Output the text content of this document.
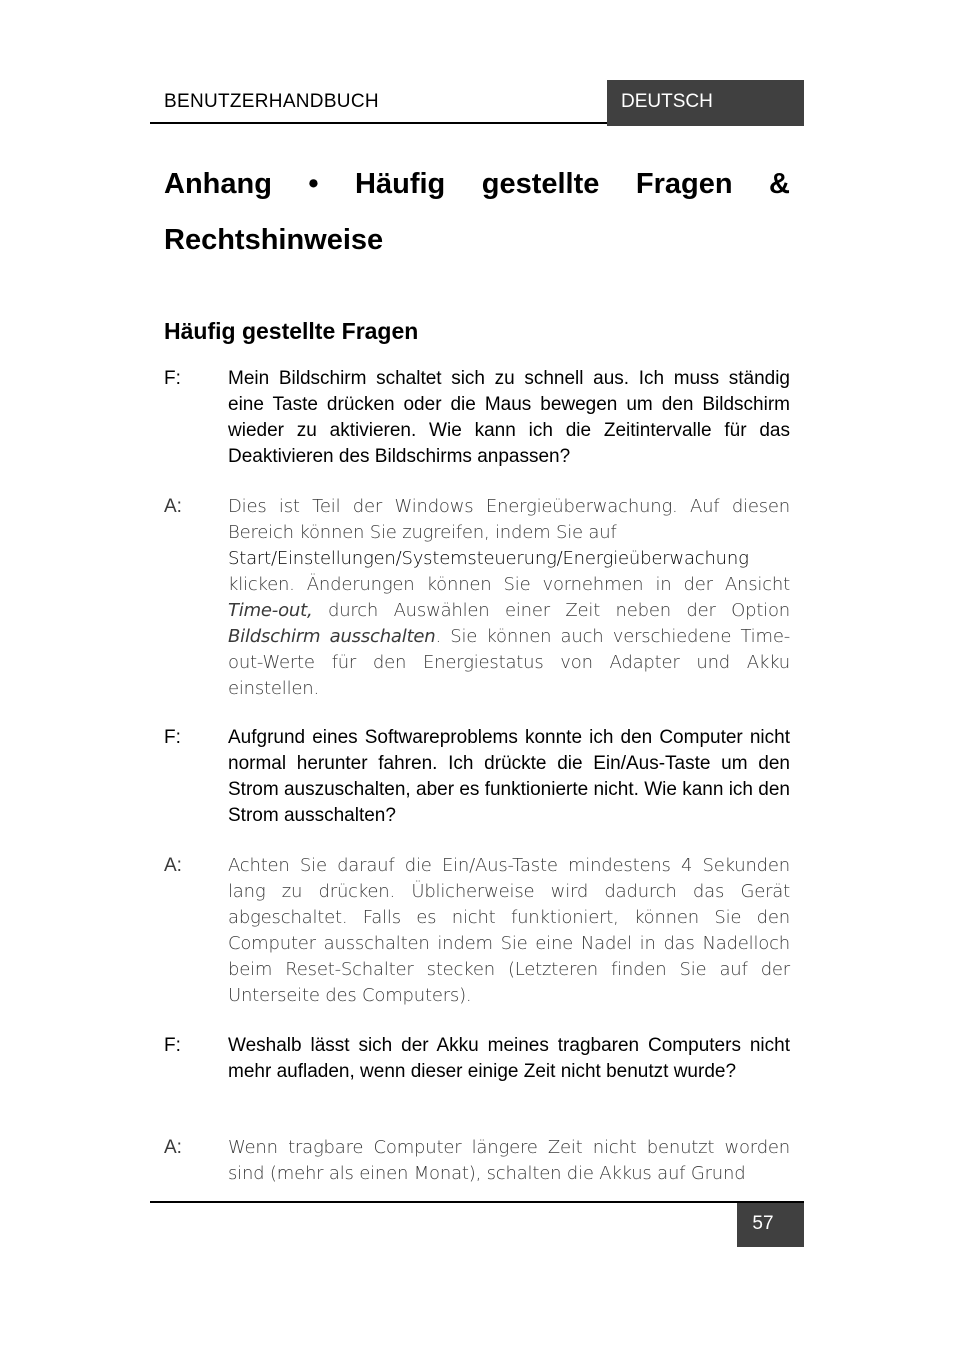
BENUTZERHANDBUCH	DEUTSCH
Anhang • Häufig gestellte Fragen & Rechtshinweise
Häufig gestellte Fragen
F: Mein Bildschirm schaltet sich zu schnell aus. Ich muss ständig eine Taste drücken oder die Maus bewegen um den Bildschirm wieder zu aktivieren. Wie kann ich die Zeitintervalle für das Deaktivieren des Bildschirms anpassen?

A:	Dies ist Teil der Windows Energieüberwachung. Auf diesen Bereich können Sie zugreifen, indem Sie auf
Start/Einstellungen/Systemsteuerung/Energieüberwachung
klicken. Änderungen können Sie vornehmen in der Ansicht Time-out, durch Auswählen einer Zeit neben der Option Bildschirm ausschalten. Sie können auch verschiedene Time-out-Werte für den Energiestatus von Adapter und Akku einstellen.

F: Aufgrund eines Softwareproblems konnte ich den Computer nicht normal herunter fahren. Ich drückte die Ein/Aus-Taste um den Strom auszuschalten, aber es funktionierte nicht. Wie kann ich den Strom ausschalten?

A:	Achten Sie darauf die Ein/Aus-Taste mindestens 4 Sekunden lang zu drücken. Üblicherweise wird dadurch das Gerät abgeschaltet. Falls es nicht funktioniert, können Sie den Computer ausschalten indem Sie eine Nadel in das Nadelloch beim Reset-Schalter stecken (Letzteren finden Sie auf der Unterseite des Computers).

F: Weshalb lässt sich der Akku meines tragbaren Computers nicht mehr aufladen, wenn dieser einige Zeit nicht benutzt wurde?

A:	Wenn tragbare Computer längere Zeit nicht benutzt worden sind (mehr als einen Monat), schalten die Akkus auf Grund

57
